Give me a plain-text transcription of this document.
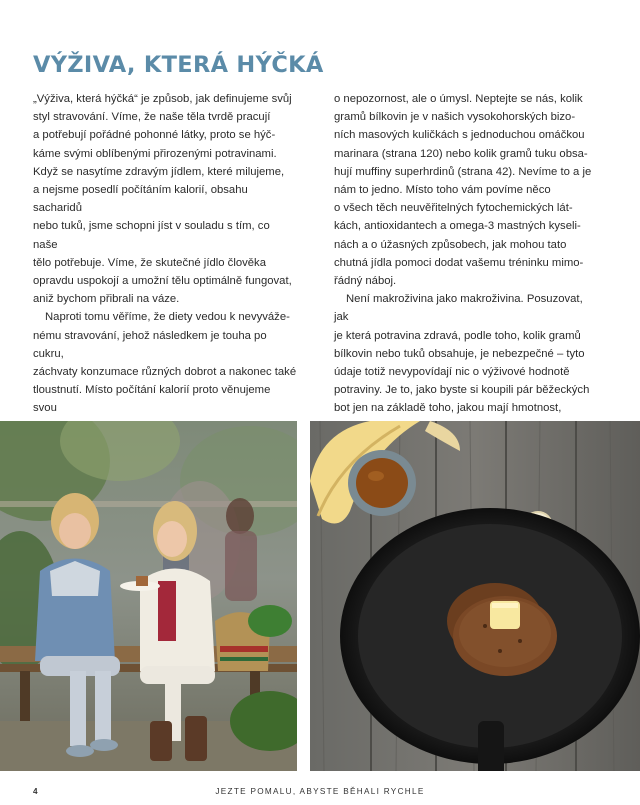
VÝŽIVA, KTERÁ HÝČKÁ

„Výživa, která hýčká“ je způsob, jak definujeme svůj

styl stravování. Víme, že naše těla tvrdě pracují

a potřebují pořádné pohonné látky, proto se hýč-

káme svými oblíbenými přirozenými potravinami.

Když se nasytíme zdravým jídlem, které milujeme,

a nejsme posedlí počítáním kalorií, obsahu sacharidů

nebo tuků, jsme schopni jíst v souladu s tím, co naše

tělo potřebuje. Víme, že skutečné jídlo člověka

opravdu uspokojí a umožní tělu optimálně fungovat,

aniž bychom přibrali na váze.

Naproti tomu věříme, že diety vedou k nevyváže-

nému stravování, jehož následkem je touha po cukru,

záchvaty konzumace různých dobrot a nakonec také

tloustnutí. Místo počítání kalorií proto věnujeme svou

o nepozornost, ale o úmysl. Neptejte se nás, kolik

gramů bílkovin je v našich vysokohorských bizo-

ních masových kuličkách s jednoduchou omáčkou

marinara (strana 120) nebo kolik gramů tuku obsa-

hují muffiny superhrdinů (strana 42). Nevíme to a je

nám to jedno. Místo toho vám povíme něco

o všech těch neuvěřitelných fytochemických lát-

kách, antioxidantech a omega-3 mastných kyseli-

nách a o úžasných způsobech, jak mohou tato

chutná jídla pomoci dodat vašemu tréninku mimo-

řádný náboj.

Není makroživina jako makroživina. Posuzovat, jak

je která potravina zdravá, podle toho, kolik gramů

bílkovin nebo tuků obsahuje, je nebezpečné – tyto

údaje totiž nevypovídají nic o výživové hodnotě

potraviny. Je to, jako byste si koupili pár běžeckých

bot jen na základě toho, jakou mají hmotnost,

4	JEZTE POMALU, ABYSTE BĚHALI RYCHLE
